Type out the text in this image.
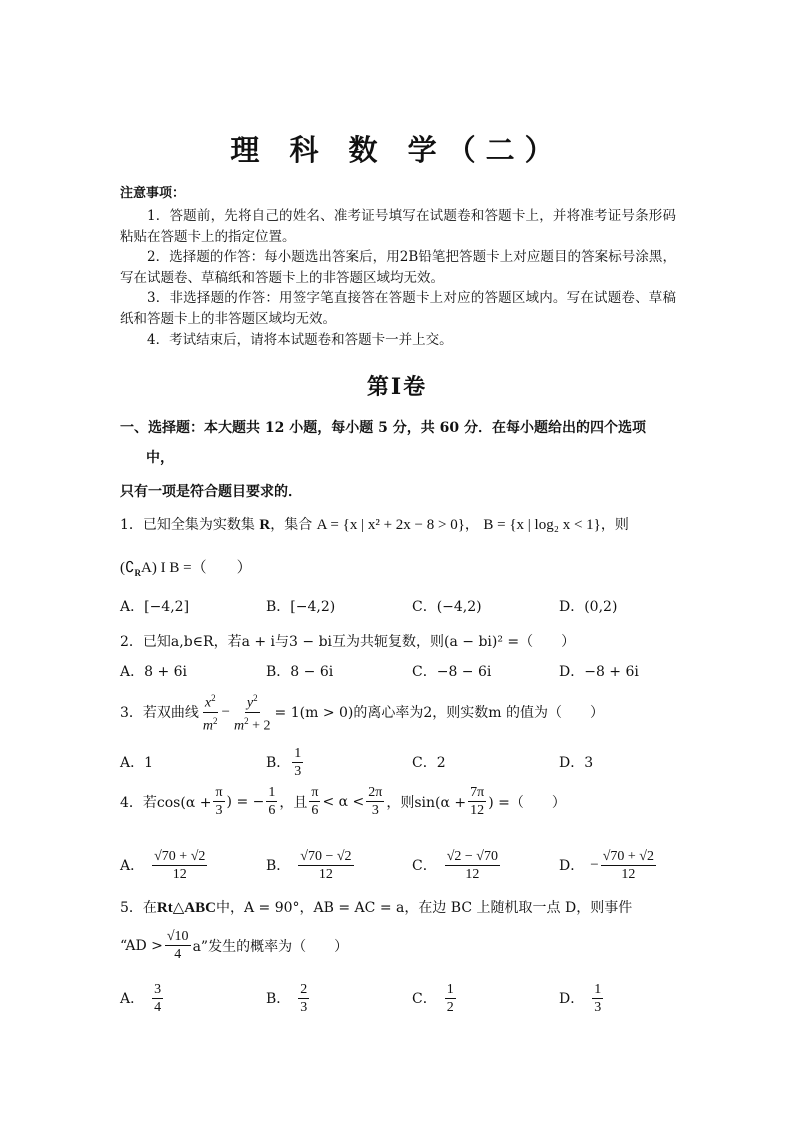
理 科 数 学（二）
注意事项：

1．答题前，先将自己的姓名、准考证号填写在试题卷和答题卡上，并将准考证号条形码粘贴在答题卡上的指定位置。

2．选择题的作答：每小题选出答案后，用2B铅笔把答题卡上对应题目的答案标号涂黑，写在试题卷、草稿纸和答题卡上的非答题区域均无效。

3．非选择题的作答：用签字笔直接答在答题卡上对应的答题区域内。写在试题卷、草稿纸和答题卡上的非答题区域均无效。

4．考试结束后，请将本试题卷和答题卡一并上交。

第Ⅰ卷
一、选择题：本大题共 12 小题，每小题 5 分，共 60 分．在每小题给出的四个选项
中，
只有一项是符合题目要求的．
1．已知全集为实数集 R，集合 A = {x | x² + 2x − 8 > 0}， B = {x | log₂ x < 1}，则
$(∁_RA)$ I B =（　　）
A．[−4,2]	B．[−4,2)	C．(−4,2)	D．(0,2)
2．已知a,b∈R，若a + i与3 − bi互为共轭复数，则(a − bi)² =（　　）
A．8 + 6i	B．8 − 6i	C．−8 − 6i	D．−8 + 6i
3．若双曲线 $\frac{x^2}{m^2} - \frac{y^2}{m^2 + 2} = 1(m > 0)$的离心率为2，则实数m 的值为（　　）
A．1	B． $\frac{1}{3}$	C．2	D．3
4．若$\cos(\alpha + \frac{\pi}{3}$ ) = − $\frac{1}{6}$ ，且 $\frac{\pi}{6} < \alpha < \frac{2\pi}{3}$ ，则$\sin(\alpha + \frac{7\pi}{12}$ ) =（　　）
A． $\frac{√70 + √2}{12}$	B． $\frac{√70 - √2}{12}$	C． $\frac{√2 - √70}{12}$	D． − $\frac{√70 + √2}{12}$
5．在Rt△ABC中，A = 90°，AB = AC = a，在边 BC 上随机取一点 D，则事件
“AD > $\frac{√10}{4} a$”发生的概率为（　　）
A． $\frac{3}{4}$	B． $\frac{2}{3}$	C． $\frac{1}{2}$	D． $\frac{1}{3}$
